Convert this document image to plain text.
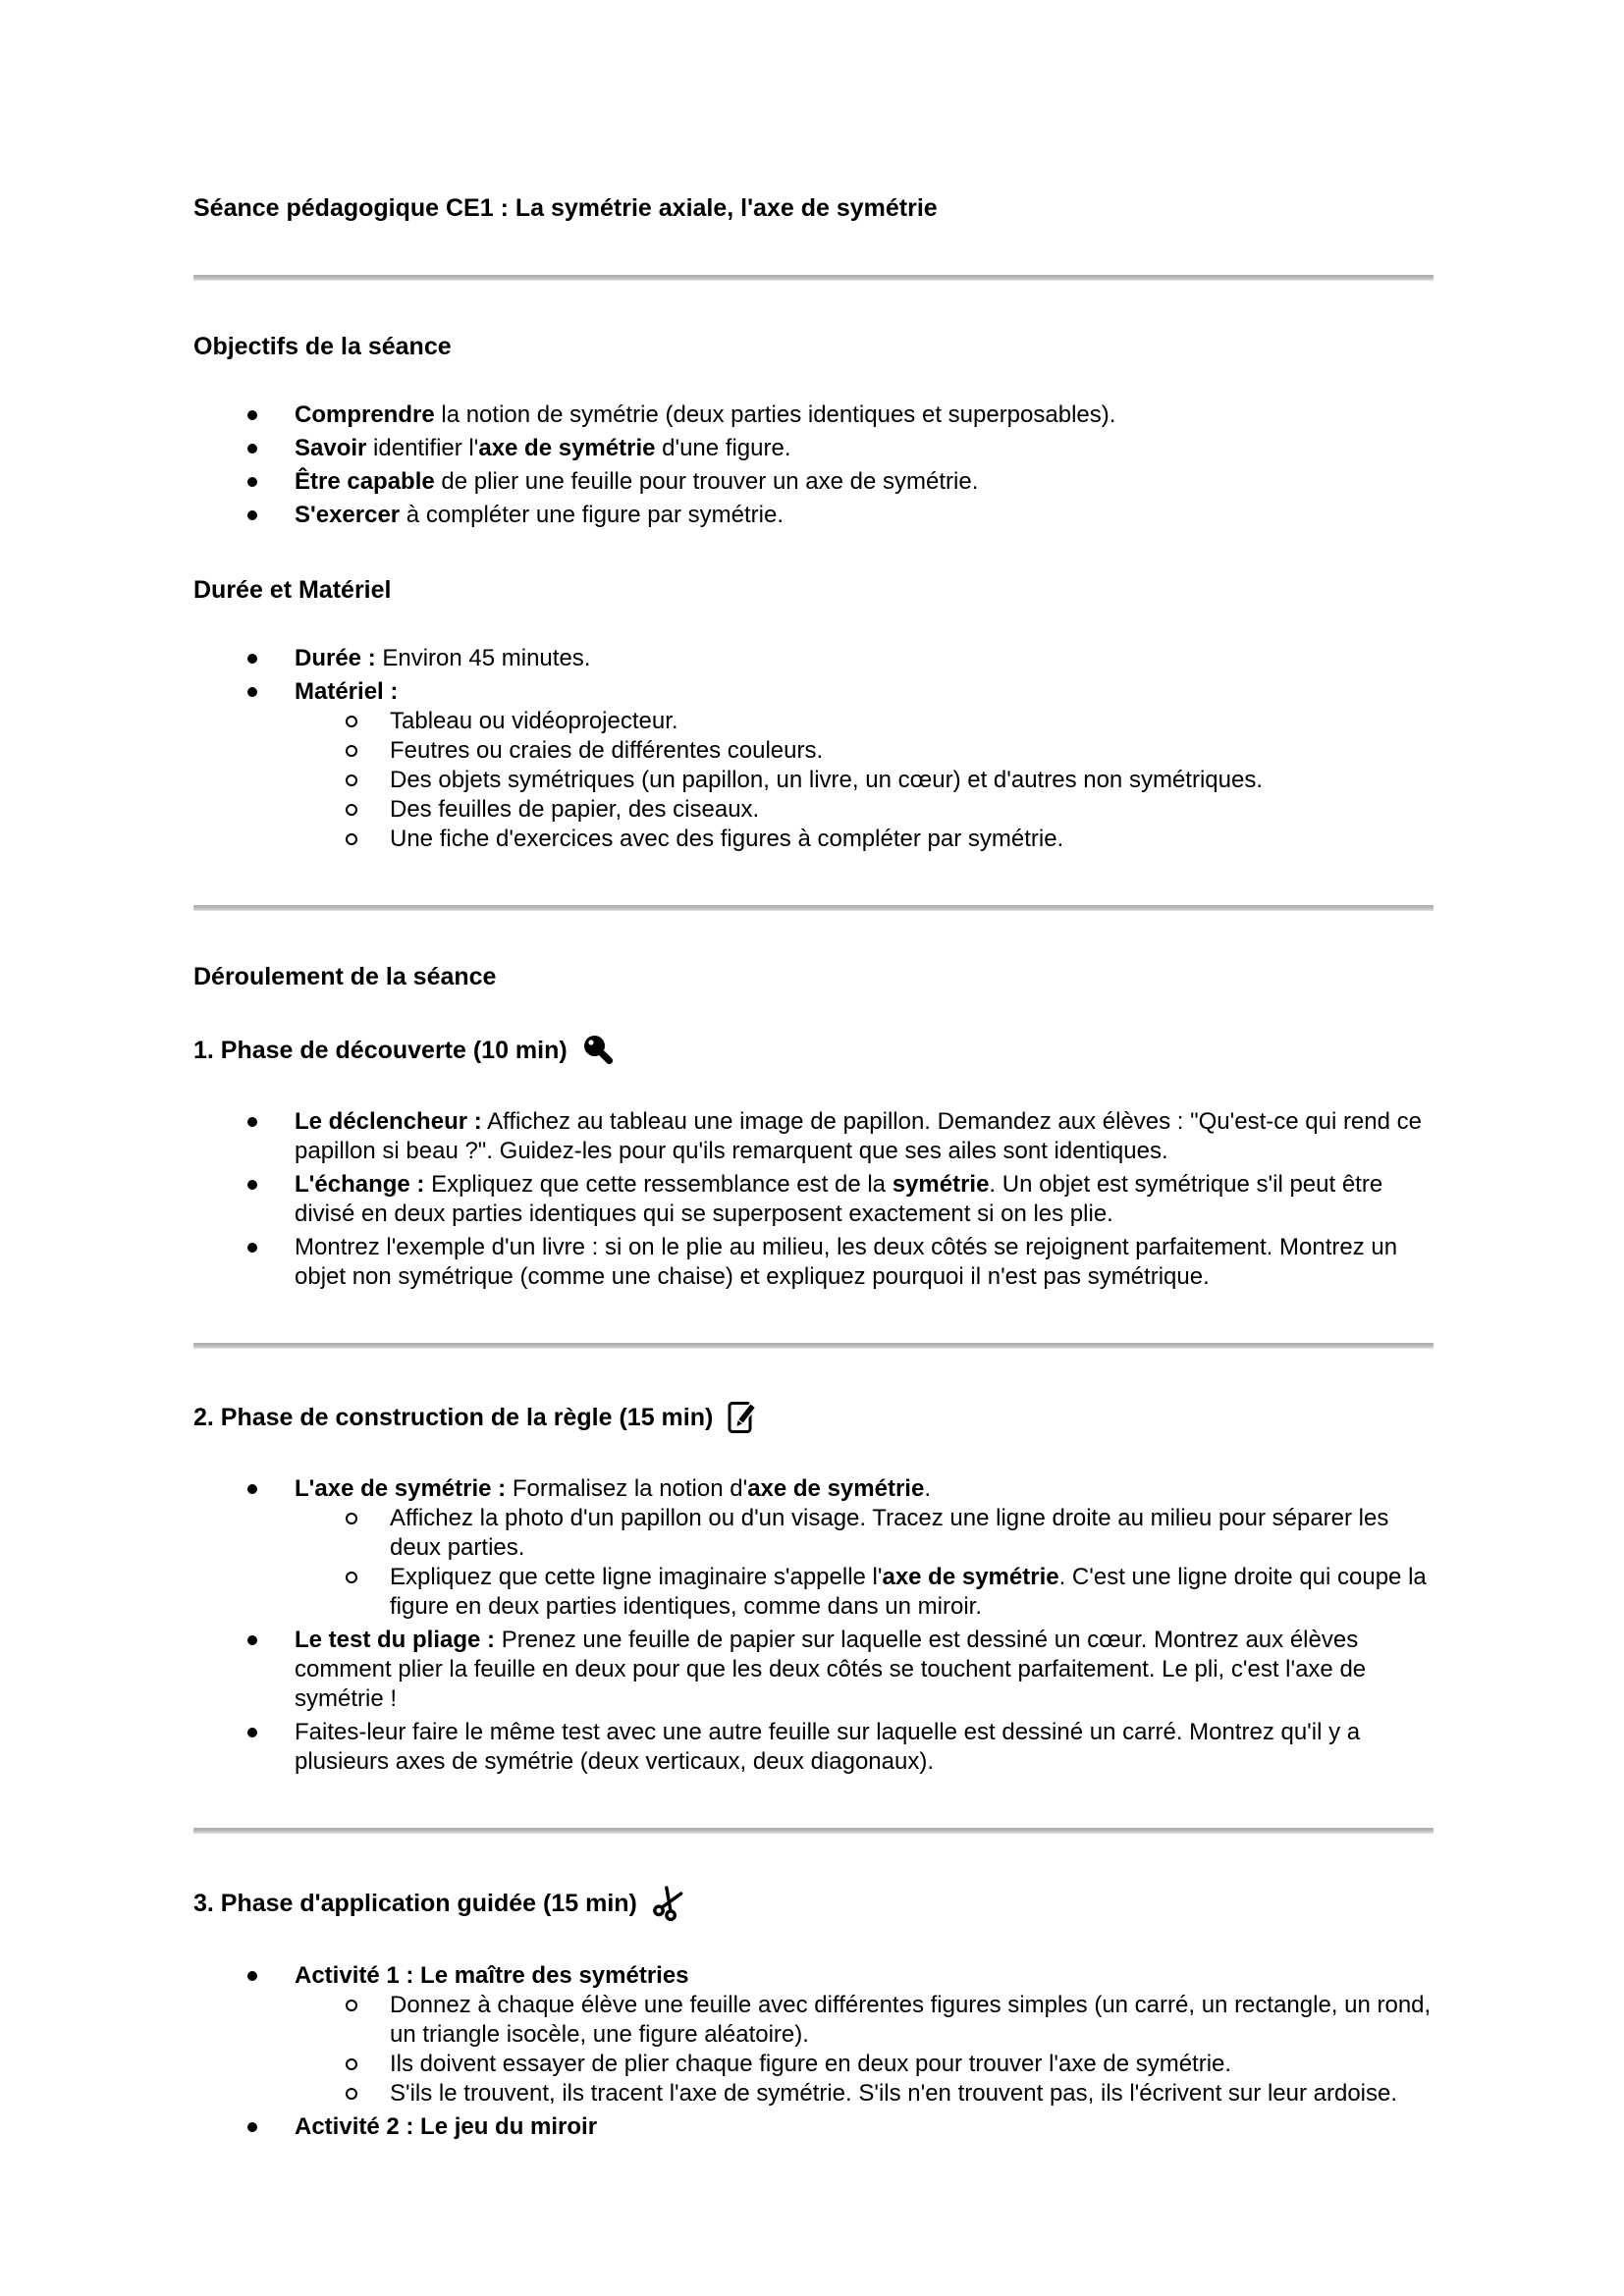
Séance pédagogique CE1 : La symétrie axiale, l'axe de symétrie
Objectifs de la séance
Comprendre la notion de symétrie (deux parties identiques et superposables).
Savoir identifier l'axe de symétrie d'une figure.
Être capable de plier une feuille pour trouver un axe de symétrie.
S'exercer à compléter une figure par symétrie.
Durée et Matériel
Durée : Environ 45 minutes.
Matériel :
Tableau ou vidéoprojecteur.
Feutres ou craies de différentes couleurs.
Des objets symétriques (un papillon, un livre, un cœur) et d'autres non symétriques.
Des feuilles de papier, des ciseaux.
Une fiche d'exercices avec des figures à compléter par symétrie.
Déroulement de la séance
1. Phase de découverte (10 min)
Le déclencheur : Affichez au tableau une image de papillon. Demandez aux élèves : "Qu'est-ce qui rend ce papillon si beau ?". Guidez-les pour qu'ils remarquent que ses ailes sont identiques.
L'échange : Expliquez que cette ressemblance est de la symétrie. Un objet est symétrique s'il peut être divisé en deux parties identiques qui se superposent exactement si on les plie.
Montrez l'exemple d'un livre : si on le plie au milieu, les deux côtés se rejoignent parfaitement. Montrez un objet non symétrique (comme une chaise) et expliquez pourquoi il n'est pas symétrique.
2. Phase de construction de la règle (15 min)
L'axe de symétrie : Formalisez la notion d'axe de symétrie.
Affichez la photo d'un papillon ou d'un visage. Tracez une ligne droite au milieu pour séparer les deux parties.
Expliquez que cette ligne imaginaire s'appelle l'axe de symétrie. C'est une ligne droite qui coupe la figure en deux parties identiques, comme dans un miroir.
Le test du pliage : Prenez une feuille de papier sur laquelle est dessiné un cœur. Montrez aux élèves comment plier la feuille en deux pour que les deux côtés se touchent parfaitement. Le pli, c'est l'axe de symétrie !
Faites-leur faire le même test avec une autre feuille sur laquelle est dessiné un carré. Montrez qu'il y a plusieurs axes de symétrie (deux verticaux, deux diagonaux).
3. Phase d'application guidée (15 min)
Activité 1 : Le maître des symétries
Donnez à chaque élève une feuille avec différentes figures simples (un carré, un rectangle, un rond, un triangle isocèle, une figure aléatoire).
Ils doivent essayer de plier chaque figure en deux pour trouver l'axe de symétrie.
S'ils le trouvent, ils tracent l'axe de symétrie. S'ils n'en trouvent pas, ils l'écrivent sur leur ardoise.
Activité 2 : Le jeu du miroir
